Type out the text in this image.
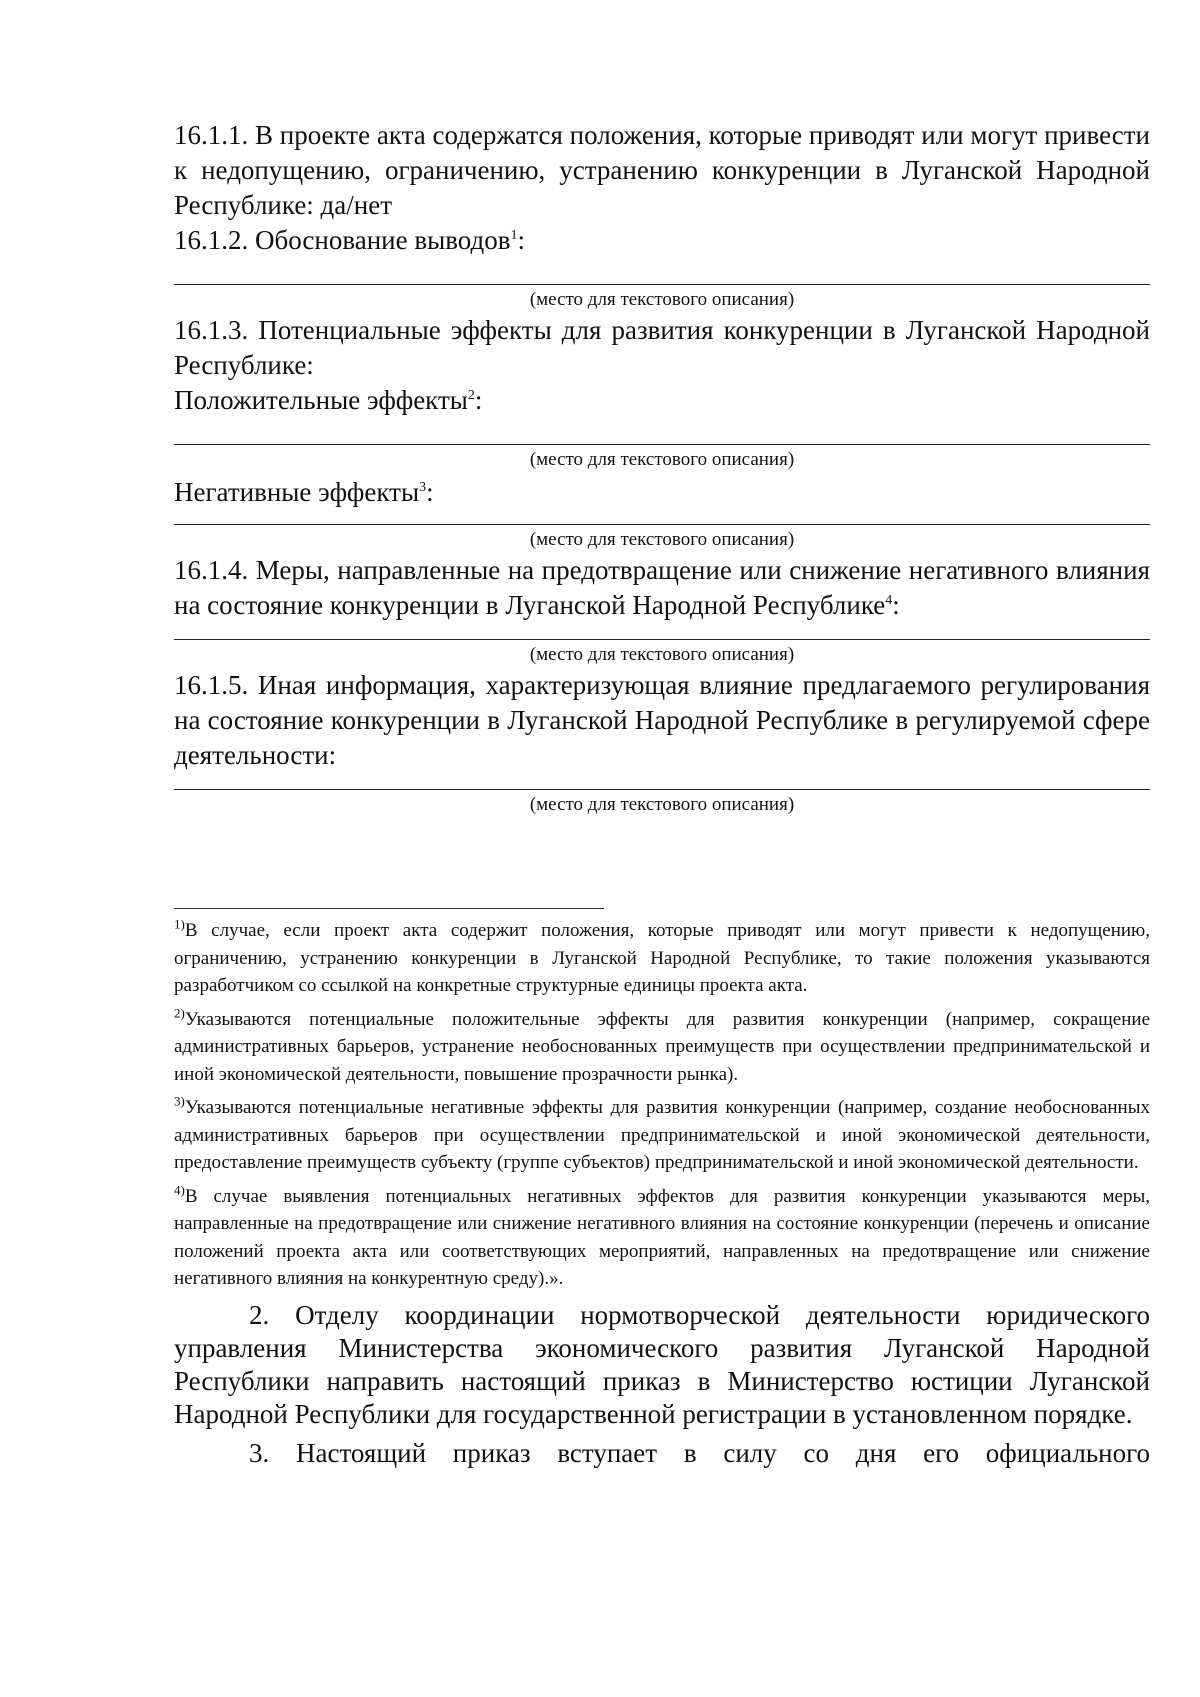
16.1.1. В проекте акта содержатся положения, которые приводят или могут привести к недопущению, ограничению, устранению конкуренции в Луганской Народной Республике: да/нет

16.1.2. Обоснование выводов$^1$:

(место для текстового описания)

16.1.3. Потенциальные эффекты для развития конкуренции в Луганской Народной Республике:

Положительные эффекты$^2$:

(место для текстового описания)

Негативные эффекты$^3$:

(место для текстового описания)

16.1.4. Меры, направленные на предотвращение или снижение негативного влияния на состояние конкуренции в Луганской Народной Республике$^4$:

(место для текстового описания)

16.1.5. Иная информация, характеризующая влияние предлагаемого регулирования на состояние конкуренции в Луганской Народной Республике в регулируемой сфере деятельности:

(место для текстового описания)

$^{1)}$В случае, если проект акта содержит положения, которые приводят или могут привести к недопущению, ограничению, устранению конкуренции в Луганской Народной Республике, то такие положения указываются разработчиком со ссылкой на конкретные структурные единицы проекта акта.

$^{2)}$Указываются потенциальные положительные эффекты для развития конкуренции (например, сокращение административных барьеров, устранение необоснованных преимуществ при осуществлении предпринимательской и иной экономической деятельности, повышение прозрачности рынка).

$^{3)}$Указываются потенциальные негативные эффекты для развития конкуренции (например, создание необоснованных административных барьеров при осуществлении предпринимательской и иной экономической деятельности, предоставление преимуществ субъекту (группе субъектов) предпринимательской и иной экономической деятельности.

$^{4)}$В случае выявления потенциальных негативных эффектов для развития конкуренции указываются меры, направленные на предотвращение или снижение негативного влияния на состояние конкуренции (перечень и описание положений проекта акта или соответствующих мероприятий, направленных на предотвращение или снижение негативного влияния на конкурентную среду).».

2. Отделу координации нормотворческой деятельности юридического управления Министерства экономического развития Луганской Народной Республики направить настоящий приказ в Министерство юстиции Луганской Народной Республики для государственной регистрации в установленном порядке.

3. Настоящий приказ вступает в силу со дня его официального
